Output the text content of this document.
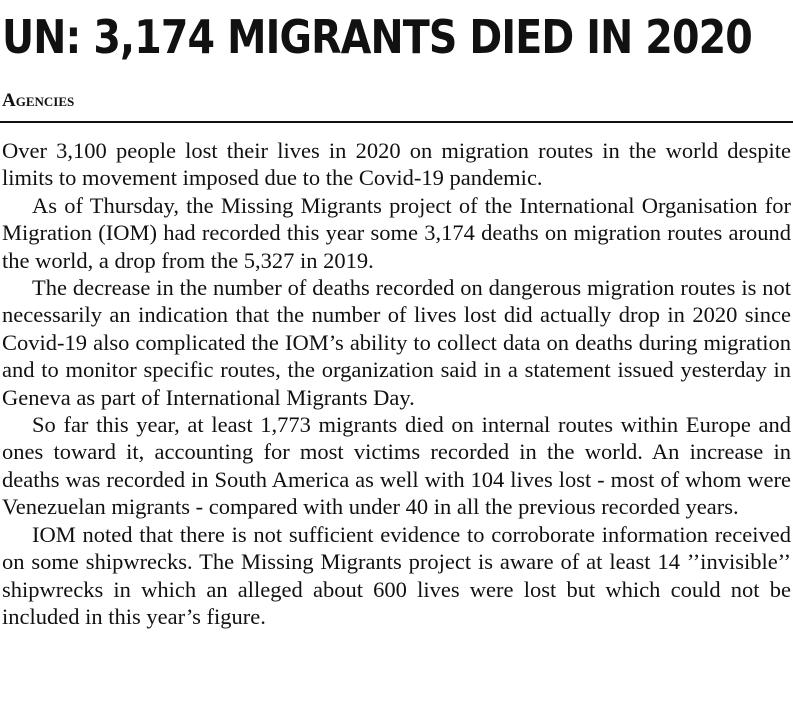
UN: 3,174 MIGRANTS DIED IN 2020
Agencies

Over 3,100 people lost their lives in 2020 on migration routes in the world despite limits to movement imposed due to the Covid-19 pandemic.

As of Thursday, the Missing Migrants project of the International Organisation for Migration (IOM) had recorded this year some 3,174 deaths on migration routes around the world, a drop from the 5,327 in 2019.

The decrease in the number of deaths recorded on dangerous migration routes is not necessarily an indication that the number of lives lost did actually drop in 2020 since Covid-19 also complicated the IOM’s ability to collect data on deaths during migration and to monitor specific routes, the organization said in a statement issued yesterday in Geneva as part of International Migrants Day.

So far this year, at least 1,773 migrants died on internal routes within Europe and ones toward it, accounting for most victims recorded in the world. An increase in deaths was recorded in South America as well with 104 lives lost - most of whom were Venezuelan migrants - compared with under 40 in all the previous recorded years.

IOM noted that there is not sufficient evidence to corroborate information received on some shipwrecks. The Missing Migrants project is aware of at least 14 ’’invisible’’ shipwrecks in which an alleged about 600 lives were lost but which could not be included in this year’s figure.
